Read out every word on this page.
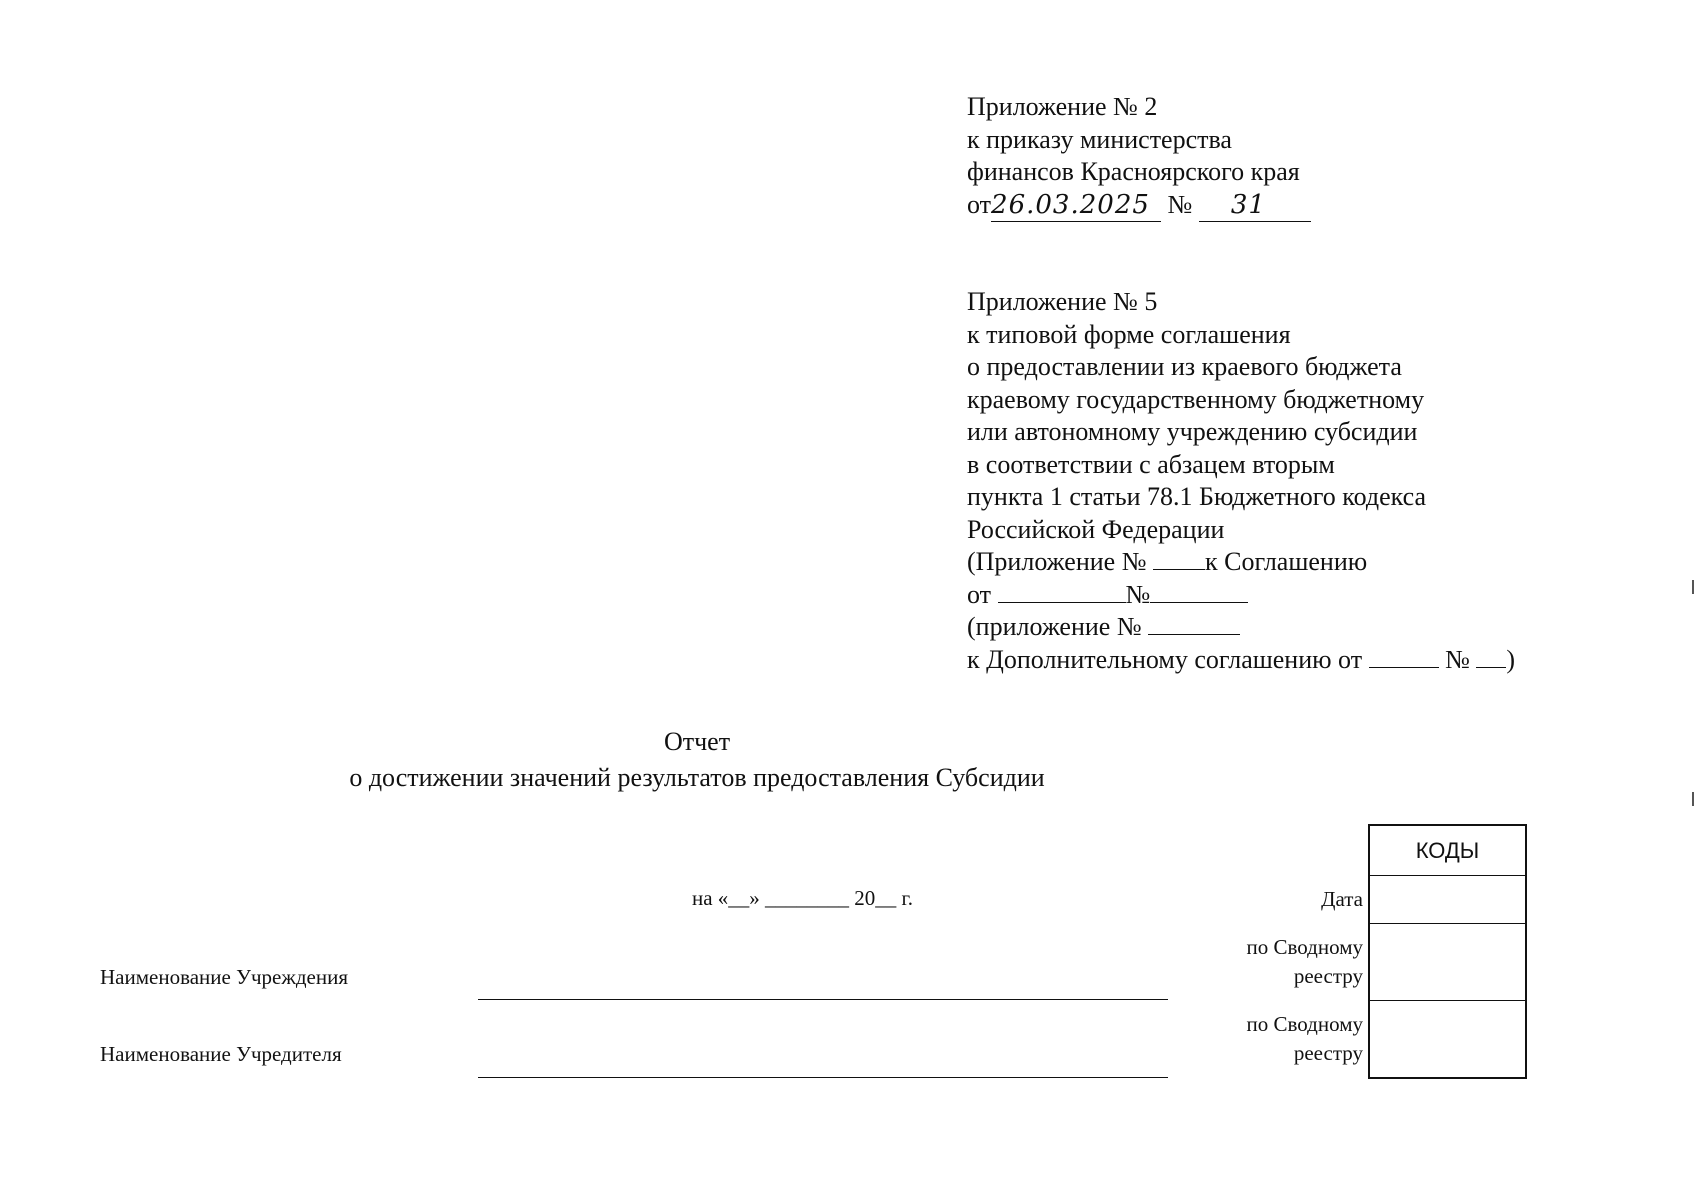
Приложение № 2
к приказу министерства
финансов Красноярского края
от26.03.2025 № 31
Приложение № 5
к типовой форме соглашения
о предоставлении из краевого бюджета
краевому государственному бюджетному
или автономному учреждению субсидии
в соответствии с абзацем вторым
пункта 1 статьи 78.1 Бюджетного кодекса
Российской Федерации
(Приложение № к Соглашению
от	№
(приложение №
к Дополнительному соглашению от	№ )
Отчет
о достижении значений результатов предоставления Субсидии
на «__» ________ 20__ г.
Наименование Учреждения
Наименование Учредителя
Дата
по Сводному
реестру
по Сводному
реестру
КОДЫ
